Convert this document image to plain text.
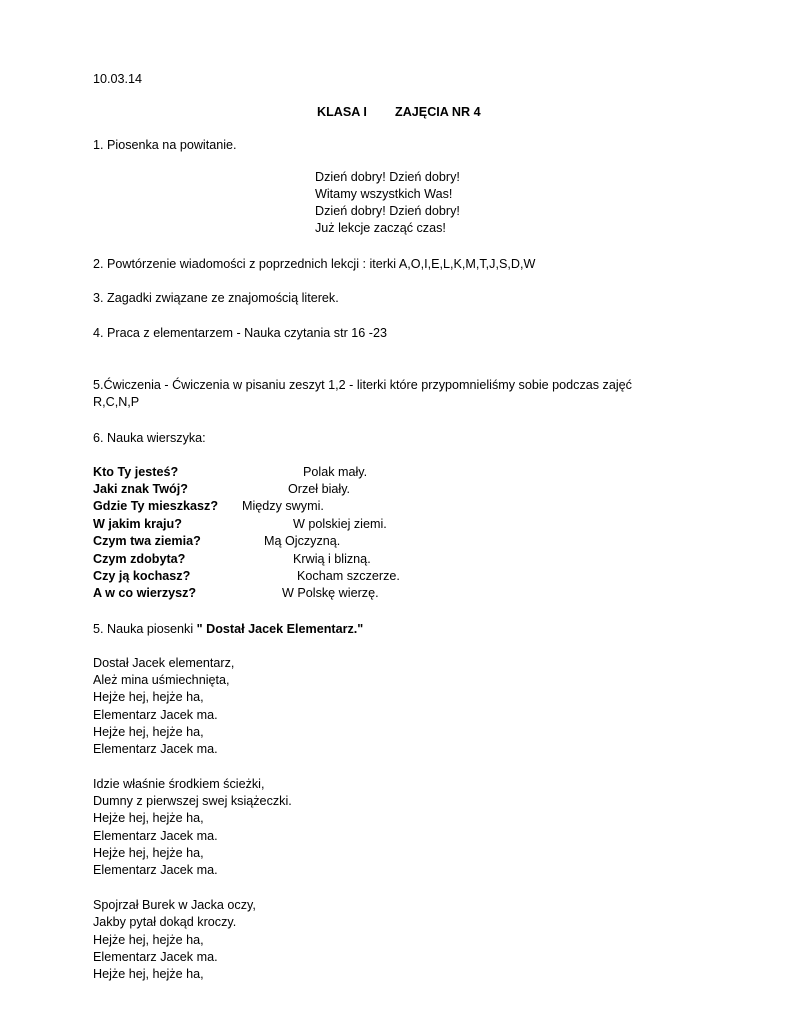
10.03.14
KLASA I ZAJĘCIA NR 4
1. Piosenka na powitanie.
Dzień dobry! Dzień dobry!
Witamy wszystkich Was!
Dzień dobry! Dzień dobry!
Już lekcje zacząć czas!
2. Powtórzenie wiadomości z poprzednich lekcji : iterki A,O,I,E,L,K,M,T,J,S,D,W
3. Zagadki związane ze znajomością literek.
4. Praca z elementarzem - Nauka czytania str 16 -23
5.Ćwiczenia - Ćwiczenia w pisaniu zeszyt 1,2 - literki które przypomnieliśmy sobie podczas zajęć
R,C,N,P
6. Nauka wierszyka:
Kto Ty jesteś?	Polak mały.
Jaki znak Twój?	Orzeł biały.
Gdzie Ty mieszkasz? Między swymi.
W jakim kraju?	W polskiej ziemi.
Czym twa ziemia?	Mą Ojczyzną.
Czym zdobyta?	Krwią i blizną.
Czy ją kochasz?	Kocham szczerze.
A w co wierzysz?	W Polskę wierzę.
5. Nauka piosenki " Dostał Jacek Elementarz."
Dostał Jacek elementarz,
Ależ mina uśmiechnięta,
Hejże hej, hejże ha,
Elementarz Jacek ma.
Hejże hej, hejże ha,
Elementarz Jacek ma.
Idzie właśnie środkiem ścieżki,
Dumny z pierwszej swej książeczki.
Hejże hej, hejże ha,
Elementarz Jacek ma.
Hejże hej, hejże ha,
Elementarz Jacek ma.
Spojrzał Burek w Jacka oczy,
Jakby pytał dokąd kroczy.
Hejże hej, hejże ha,
Elementarz Jacek ma.
Hejże hej, hejże ha,
